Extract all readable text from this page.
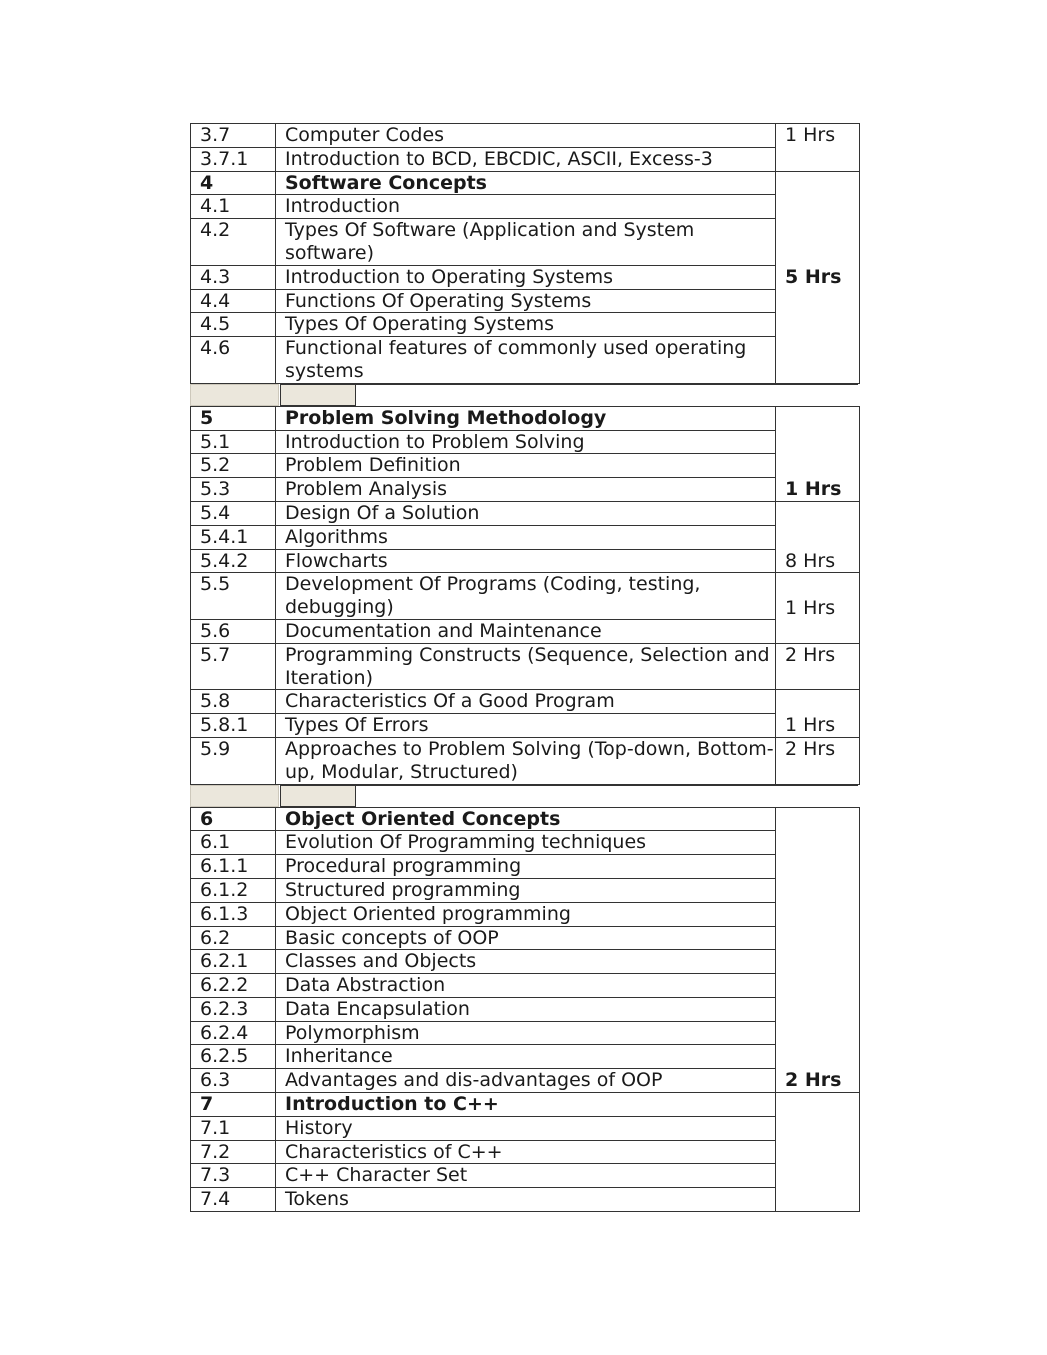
3.7	Computer Codes	1 Hrs
3.7.1	Introduction to BCD, EBCDIC, ASCII, Excess-3	
4	Software Concepts	5 Hrs
4.1	Introduction	
4.2	Types Of Software (Application and System software)	
4.3	Introduction to Operating Systems	
4.4	Functions Of Operating Systems	
4.5	Types Of Operating Systems	
4.6	Functional features of commonly used operating systems	
5	Problem Solving Methodology	1 Hrs
5.1	Introduction to Problem Solving	
5.2	Problem Definition	
5.3	Problem Analysis	
5.4	Design Of a Solution	8 Hrs
5.4.1	Algorithms	
5.4.2	Flowcharts	
5.5	Development Of Programs (Coding, testing, debugging)	1 Hrs
5.6	Documentation and Maintenance	
5.7	Programming Constructs (Sequence, Selection and Iteration)	2 Hrs
5.8	Characteristics Of a Good Program	1 Hrs
5.8.1	Types Of Errors	
5.9	Approaches to Problem Solving (Top-down, Bottom-up, Modular, Structured)	2 Hrs
6	Object Oriented Concepts	2 Hrs
6.1	Evolution Of Programming techniques	
6.1.1	Procedural programming	
6.1.2	Structured programming	
6.1.3	Object Oriented programming	
6.2	Basic concepts of OOP	
6.2.1	Classes and Objects	
6.2.2	Data Abstraction	
6.2.3	Data Encapsulation	
6.2.4	Polymorphism	
6.2.5	Inheritance	
6.3	Advantages and dis-advantages of OOP	
7	Introduction to C++	
7.1	History	
7.2	Characteristics of C++	
7.3	C++ Character Set	
7.4	Tokens	
